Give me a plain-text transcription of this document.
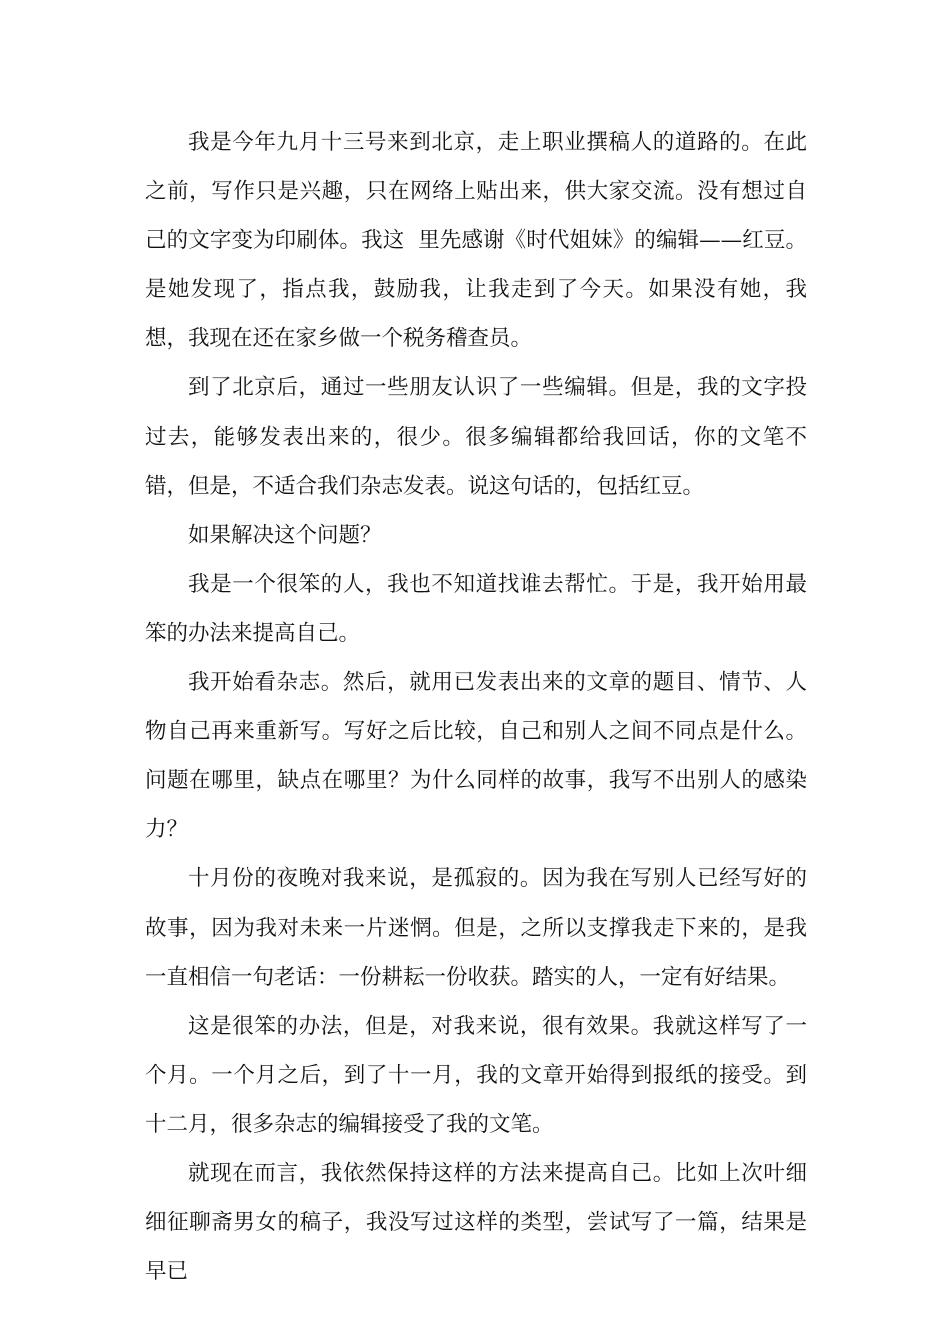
我是今年九月十三号来到北京，走上职业撰稿人的道路的。在此之前，写作只是兴趣，只在网络上贴出来，供大家交流。没有想过自己的文字变为印刷体。我这  里先感谢《时代姐妹》的编辑——红豆。是她发现了，指点我，鼓励我，让我走到了今天。如果没有她，我想，我现在还在家乡做一个税务稽查员。

到了北京后，通过一些朋友认识了一些编辑。但是，我的文字投过去，能够发表出来的，很少。很多编辑都给我回话，你的文笔不错，但是，不适合我们杂志发表。说这句话的，包括红豆。

如果解决这个问题？

我是一个很笨的人，我也不知道找谁去帮忙。于是，我开始用最笨的办法来提高自己。

我开始看杂志。然后，就用已发表出来的文章的题目、情节、人物自己再来重新写。写好之后比较，自己和别人之间不同点是什么。问题在哪里，缺点在哪里？为什么同样的故事，我写不出别人的感染力？

十月份的夜晚对我来说，是孤寂的。因为我在写别人已经写好的故事，因为我对未来一片迷惘。但是，之所以支撑我走下来的，是我一直相信一句老话：一份耕耘一份收获。踏实的人，一定有好结果。

这是很笨的办法，但是，对我来说，很有效果。我就这样写了一个月。一个月之后，到了十一月，我的文章开始得到报纸的接受。到十二月，很多杂志的编辑接受了我的文笔。

就现在而言，我依然保持这样的方法来提高自己。比如上次叶细细征聊斋男女的稿子，我没写过这样的类型，尝试写了一篇，结果是早已
